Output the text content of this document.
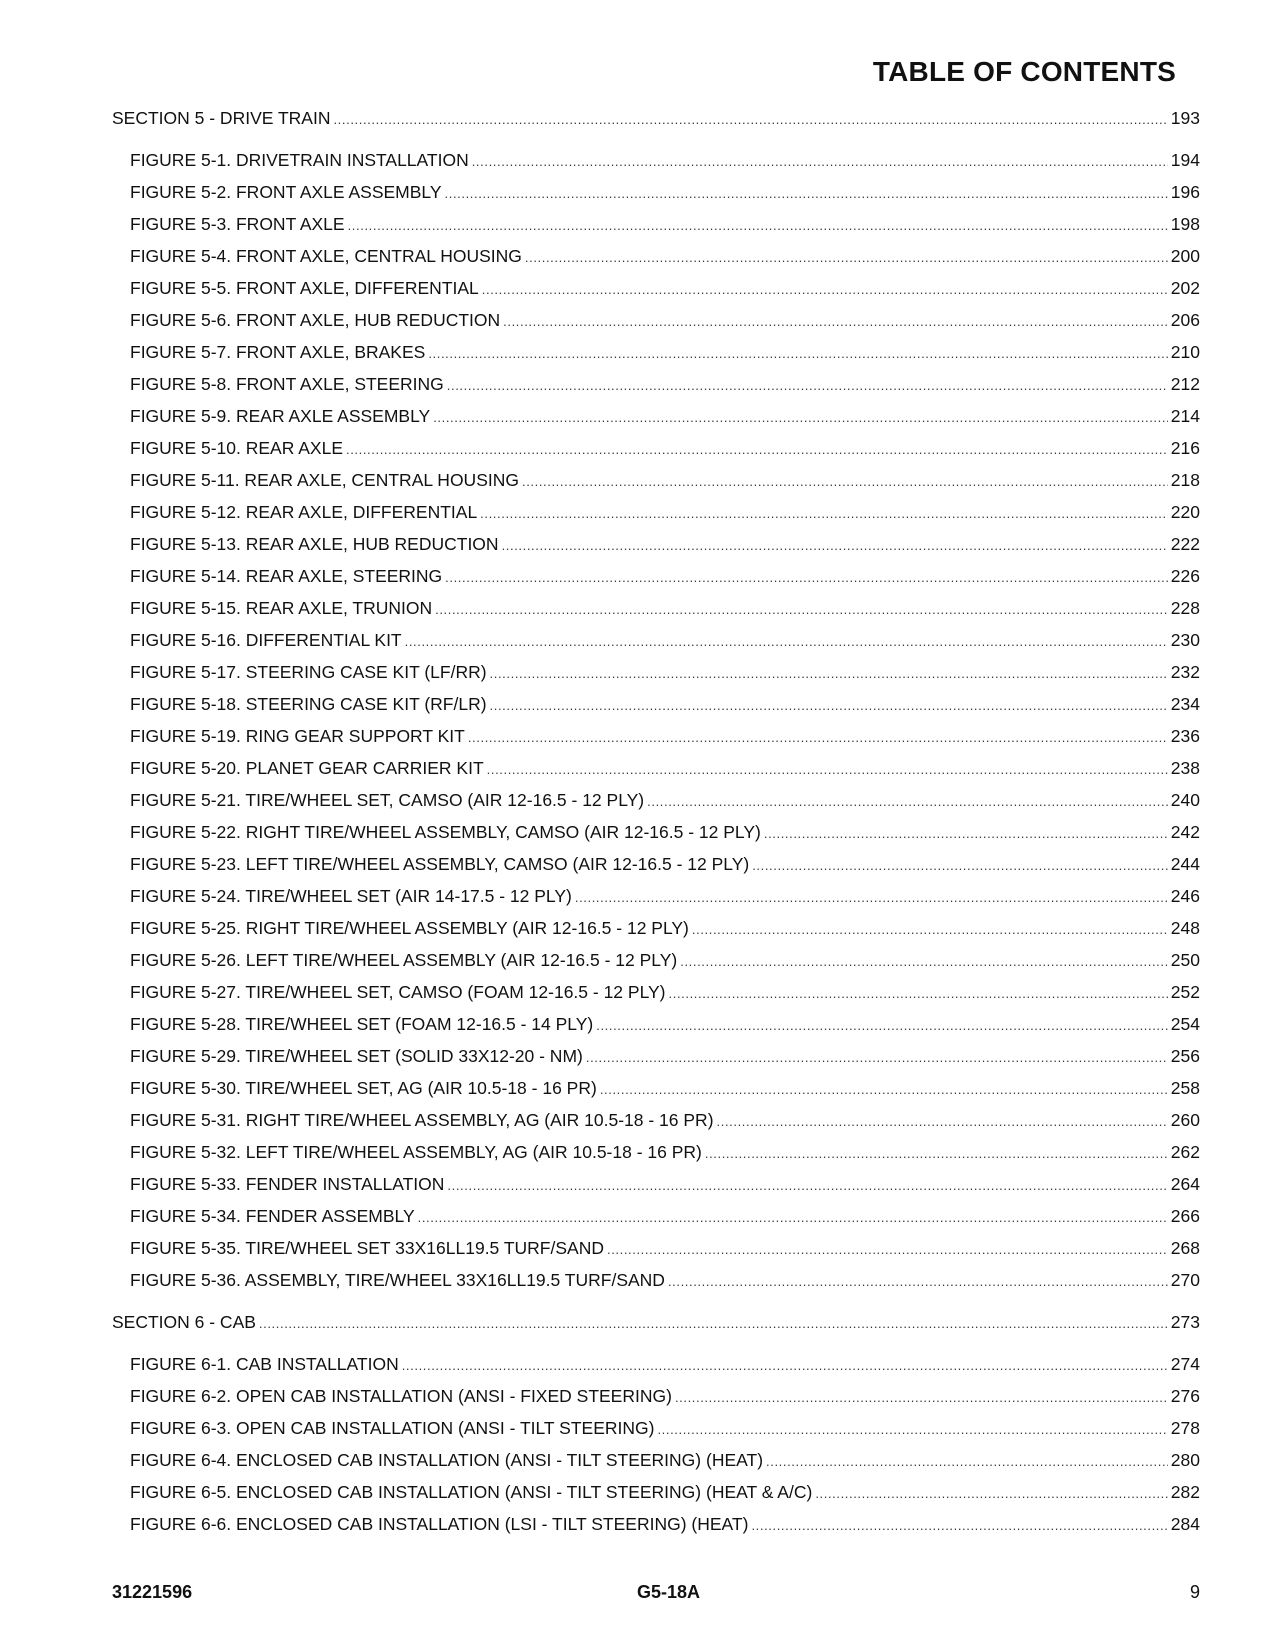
TABLE OF CONTENTS
SECTION 5 - DRIVE TRAIN .....	193
FIGURE 5-1. DRIVETRAIN INSTALLATION .....	194
FIGURE 5-2. FRONT AXLE ASSEMBLY .....	196
FIGURE 5-3. FRONT AXLE .....	198
FIGURE 5-4. FRONT AXLE, CENTRAL HOUSING .....	200
FIGURE 5-5. FRONT AXLE, DIFFERENTIAL .....	202
FIGURE 5-6. FRONT AXLE, HUB REDUCTION .....	206
FIGURE 5-7. FRONT AXLE, BRAKES .....	210
FIGURE 5-8. FRONT AXLE, STEERING .....	212
FIGURE 5-9. REAR AXLE ASSEMBLY .....	214
FIGURE 5-10. REAR AXLE .....	216
FIGURE 5-11. REAR AXLE, CENTRAL HOUSING .....	218
FIGURE 5-12. REAR AXLE, DIFFERENTIAL .....	220
FIGURE 5-13. REAR AXLE, HUB REDUCTION .....	222
FIGURE 5-14. REAR AXLE, STEERING .....	226
FIGURE 5-15. REAR AXLE, TRUNION .....	228
FIGURE 5-16. DIFFERENTIAL KIT .....	230
FIGURE 5-17. STEERING CASE KIT (LF/RR) .....	232
FIGURE 5-18. STEERING CASE KIT (RF/LR) .....	234
FIGURE 5-19. RING GEAR SUPPORT KIT .....	236
FIGURE 5-20. PLANET GEAR CARRIER KIT .....	238
FIGURE 5-21. TIRE/WHEEL SET, CAMSO (AIR 12-16.5 - 12 PLY) .....	240
FIGURE 5-22. RIGHT TIRE/WHEEL ASSEMBLY, CAMSO (AIR 12-16.5 - 12 PLY) .....	242
FIGURE 5-23. LEFT TIRE/WHEEL ASSEMBLY, CAMSO (AIR 12-16.5 - 12 PLY) .....	244
FIGURE 5-24. TIRE/WHEEL SET (AIR 14-17.5 - 12 PLY) .....	246
FIGURE 5-25. RIGHT TIRE/WHEEL ASSEMBLY (AIR 12-16.5 - 12 PLY) .....	248
FIGURE 5-26. LEFT TIRE/WHEEL ASSEMBLY (AIR 12-16.5 - 12 PLY) .....	250
FIGURE 5-27. TIRE/WHEEL SET, CAMSO (FOAM 12-16.5 - 12 PLY) .....	252
FIGURE 5-28. TIRE/WHEEL SET (FOAM 12-16.5 - 14 PLY) .....	254
FIGURE 5-29. TIRE/WHEEL SET (SOLID 33X12-20 - NM) .....	256
FIGURE 5-30. TIRE/WHEEL SET, AG (AIR 10.5-18 - 16 PR) .....	258
FIGURE 5-31. RIGHT TIRE/WHEEL ASSEMBLY, AG (AIR 10.5-18 - 16 PR) .....	260
FIGURE 5-32. LEFT TIRE/WHEEL ASSEMBLY, AG (AIR 10.5-18 - 16 PR) .....	262
FIGURE 5-33. FENDER INSTALLATION .....	264
FIGURE 5-34. FENDER ASSEMBLY .....	266
FIGURE 5-35. TIRE/WHEEL SET 33X16LL19.5 TURF/SAND .....	268
FIGURE 5-36. ASSEMBLY, TIRE/WHEEL 33X16LL19.5 TURF/SAND .....	270
SECTION 6 - CAB .....	273
FIGURE 6-1. CAB INSTALLATION .....	274
FIGURE 6-2. OPEN CAB INSTALLATION (ANSI - FIXED STEERING) .....	276
FIGURE 6-3. OPEN CAB INSTALLATION (ANSI - TILT STEERING) .....	278
FIGURE 6-4. ENCLOSED CAB INSTALLATION (ANSI - TILT STEERING) (HEAT) .....	280
FIGURE 6-5. ENCLOSED CAB INSTALLATION (ANSI - TILT STEERING) (HEAT & A/C) .....	282
FIGURE 6-6. ENCLOSED CAB INSTALLATION (LSI - TILT STEERING) (HEAT) .....	284
31221596	G5-18A	9
